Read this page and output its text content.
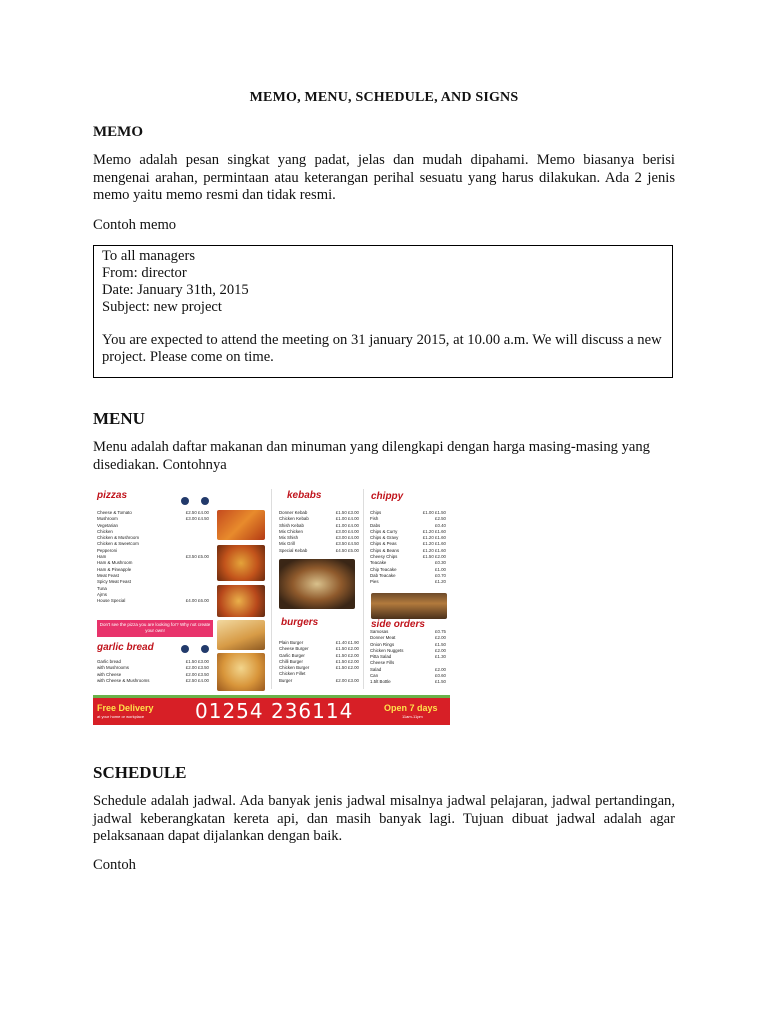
MEMO, MENU, SCHEDULE, AND SIGNS
MEMO
Memo adalah pesan singkat yang padat, jelas dan mudah dipahami. Memo biasanya berisi mengenai arahan, permintaan atau keterangan perihal sesuatu yang harus dilakukan. Ada 2 jenis memo yaitu memo resmi dan tidak resmi.
Contoh memo
To all managers
From: director
Date: January 31th, 2015
Subject: new project
You are expected to attend the meeting on 31 january 2015, at 10.00 a.m. We will discuss a new project. Please come on time.
MENU
Menu adalah daftar makanan dan minuman yang dilengkapi dengan harga masing-masing yang disediakan. Contohnya
pizzas
Cheese & Tomato	£2.50 £4.00
Mushroom	£3.00 £4.50
Vegetarian
Chicken
Chicken & Mushroom
Chicken & Sweetcorn
Pepperoni
Ham	£3.50 £5.00
Ham & Mushroom
Ham & Pineapple
Meat Feast
Spicy Meat Feast
Tuna
Ajrns
House Special	£4.00 £6.00
Don't see the pizza you are looking for? Why not create your own!
garlic bread
Garlic bread	£1.50 £3.00
with Mushrooms	£2.00 £3.50
with Cheese	£2.00 £3.50
with Cheese & Mushrooms	£2.50 £4.00
kebabs
Donner Kebab	£1.50 £3.00
Chicken Kebab	£1.00 £4.00
Shish Kebab	£1.00 £4.00
Mix Chicken	£3.00 £4.00
Mix Shish	£3.00 £4.00
Mix Grill	£3.50 £4.50
Special Kebab	£4.50 £5.00
burgers
Plain Burger	£1.40 £1.90
Cheese Burger	£1.50 £2.00
Garlic Burger	£1.50 £2.00
Chilli Burger	£1.50 £2.00
Chicken Burger	£1.50 £2.00
Chicken Fillet
Burger	£2.00 £3.00
chippy
Chips	£1.00 £1.50
Fish	£2.50
Dabs	£0.40
Chips & Curry	£1.20 £1.60
Chips & Gravy	£1.20 £1.60
Chips & Peas	£1.20 £1.60
Chips & Beans	£1.20 £1.60
Cheesy Chips	£1.50 £2.00
Teacake	£0.30
Chip Teacake	£1.00
Dab Teacake	£0.70
Pies	£1.20
side orders
Samosas	£0.75
Donner Meat	£2.00
Onion Rings	£1.50
Chicken Nuggets	£2.00
Pitta Salad	£1.30
Cheese Fills
Salad	£2.00
Can	£0.60
1.5lt Bottle	£1.50
Free Delivery
at your home or workplace	01254 236114	Open 7 days
11am-11pm
SCHEDULE
Schedule adalah jadwal. Ada banyak jenis jadwal misalnya jadwal pelajaran, jadwal pertandingan, jadwal keberangkatan kereta api, dan masih banyak lagi. Tujuan dibuat jadwal adalah agar pelaksanaan dapat dijalankan dengan baik.
Contoh
